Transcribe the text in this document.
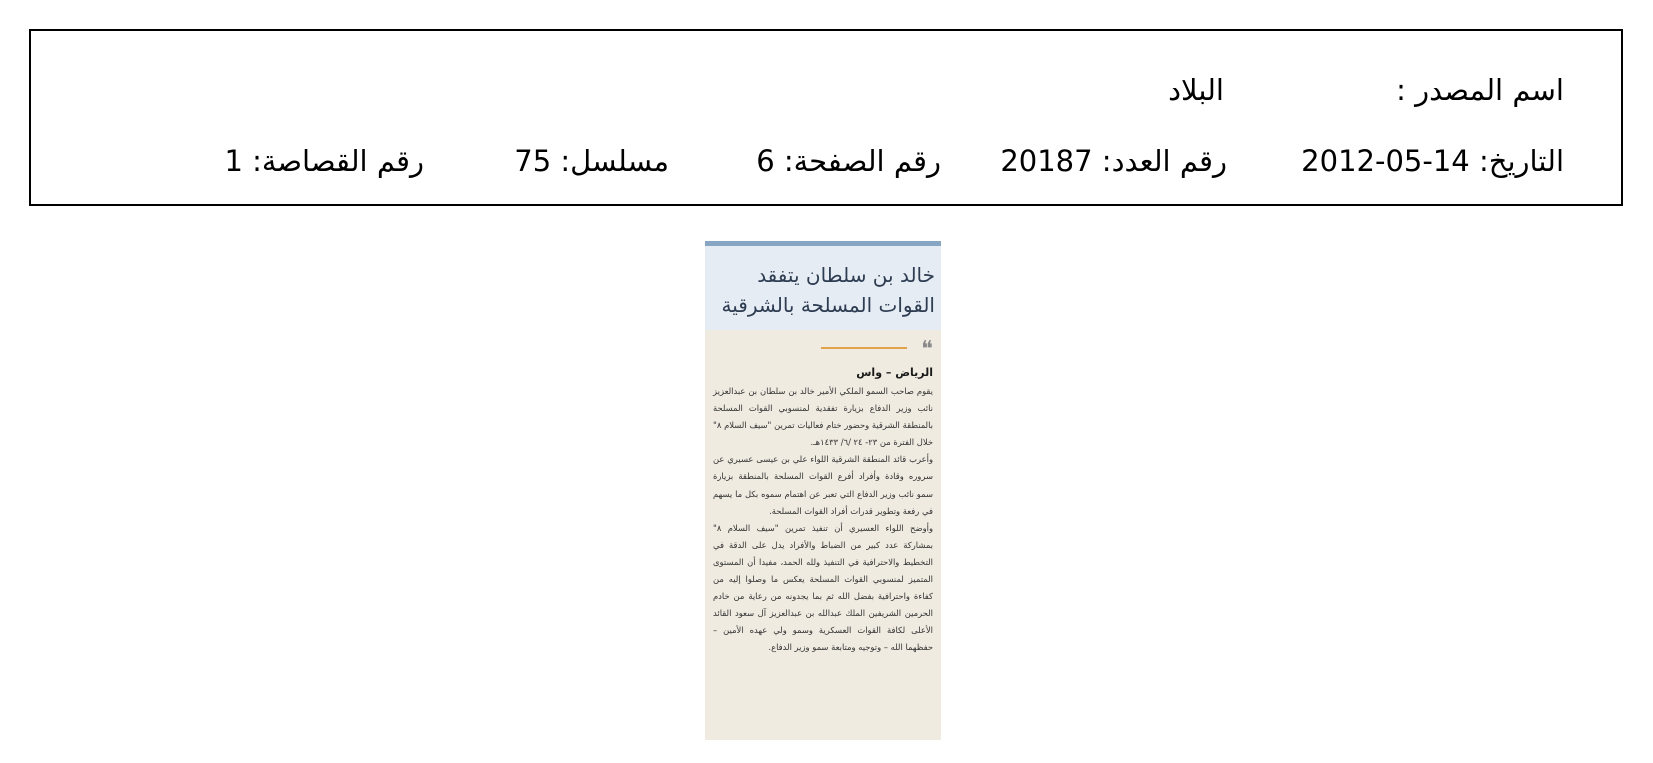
اسم المصدر :
البلاد
التاريخ: 14-05-2012
رقم العدد: 20187
رقم الصفحة: 6
مسلسل: 75
رقم القصاصة: 1
خالد بن سلطان يتفقد
القوات المسلحة بالشرقية
❝
الرياض – واس

يقوم صاحب السمو الملكي الأمير خالد بن سلطان بن عبدالعزيز نائب وزير الدفاع بزيارة تفقدية لمنسوبي القوات المسلحة بالمنطقة الشرقية وحضور ختام فعاليات تمرين "سيف السلام ٨" خلال الفترة من ٢٣- ٢٤ /٦/ ١٤٣٣هـ.

وأعرب قائد المنطقة الشرقية اللواء علي بن عيسى عسيري عن سروره وقادة وأفراد أفرع القوات المسلحة بالمنطقة بزيارة سمو نائب وزير الدفاع التي تعبر عن اهتمام سموه بكل ما يسهم في رفعة وتطوير قدرات أفراد القوات المسلحة.

وأوضح اللواء العسيري أن تنفيذ تمرين "سيف السلام ٨" بمشاركة عدد كبير من الضباط والأفراد يدل على الدقة في التخطيط والاحترافية في التنفيذ ولله الحمد، مفيدا أن المستوى المتميز لمنسوبي القوات المسلحة يعكس ما وصلوا إليه من كفاءة واحترافية بفضل الله ثم بما يجدونه من رعاية من خادم الحرمين الشريفين الملك عبدالله بن عبدالعزيز آل سعود القائد الأعلى لكافة القوات العسكرية وسمو ولي عهده الأمين –حفظهما الله – وتوجيه ومتابعة سمو وزير الدفاع.
